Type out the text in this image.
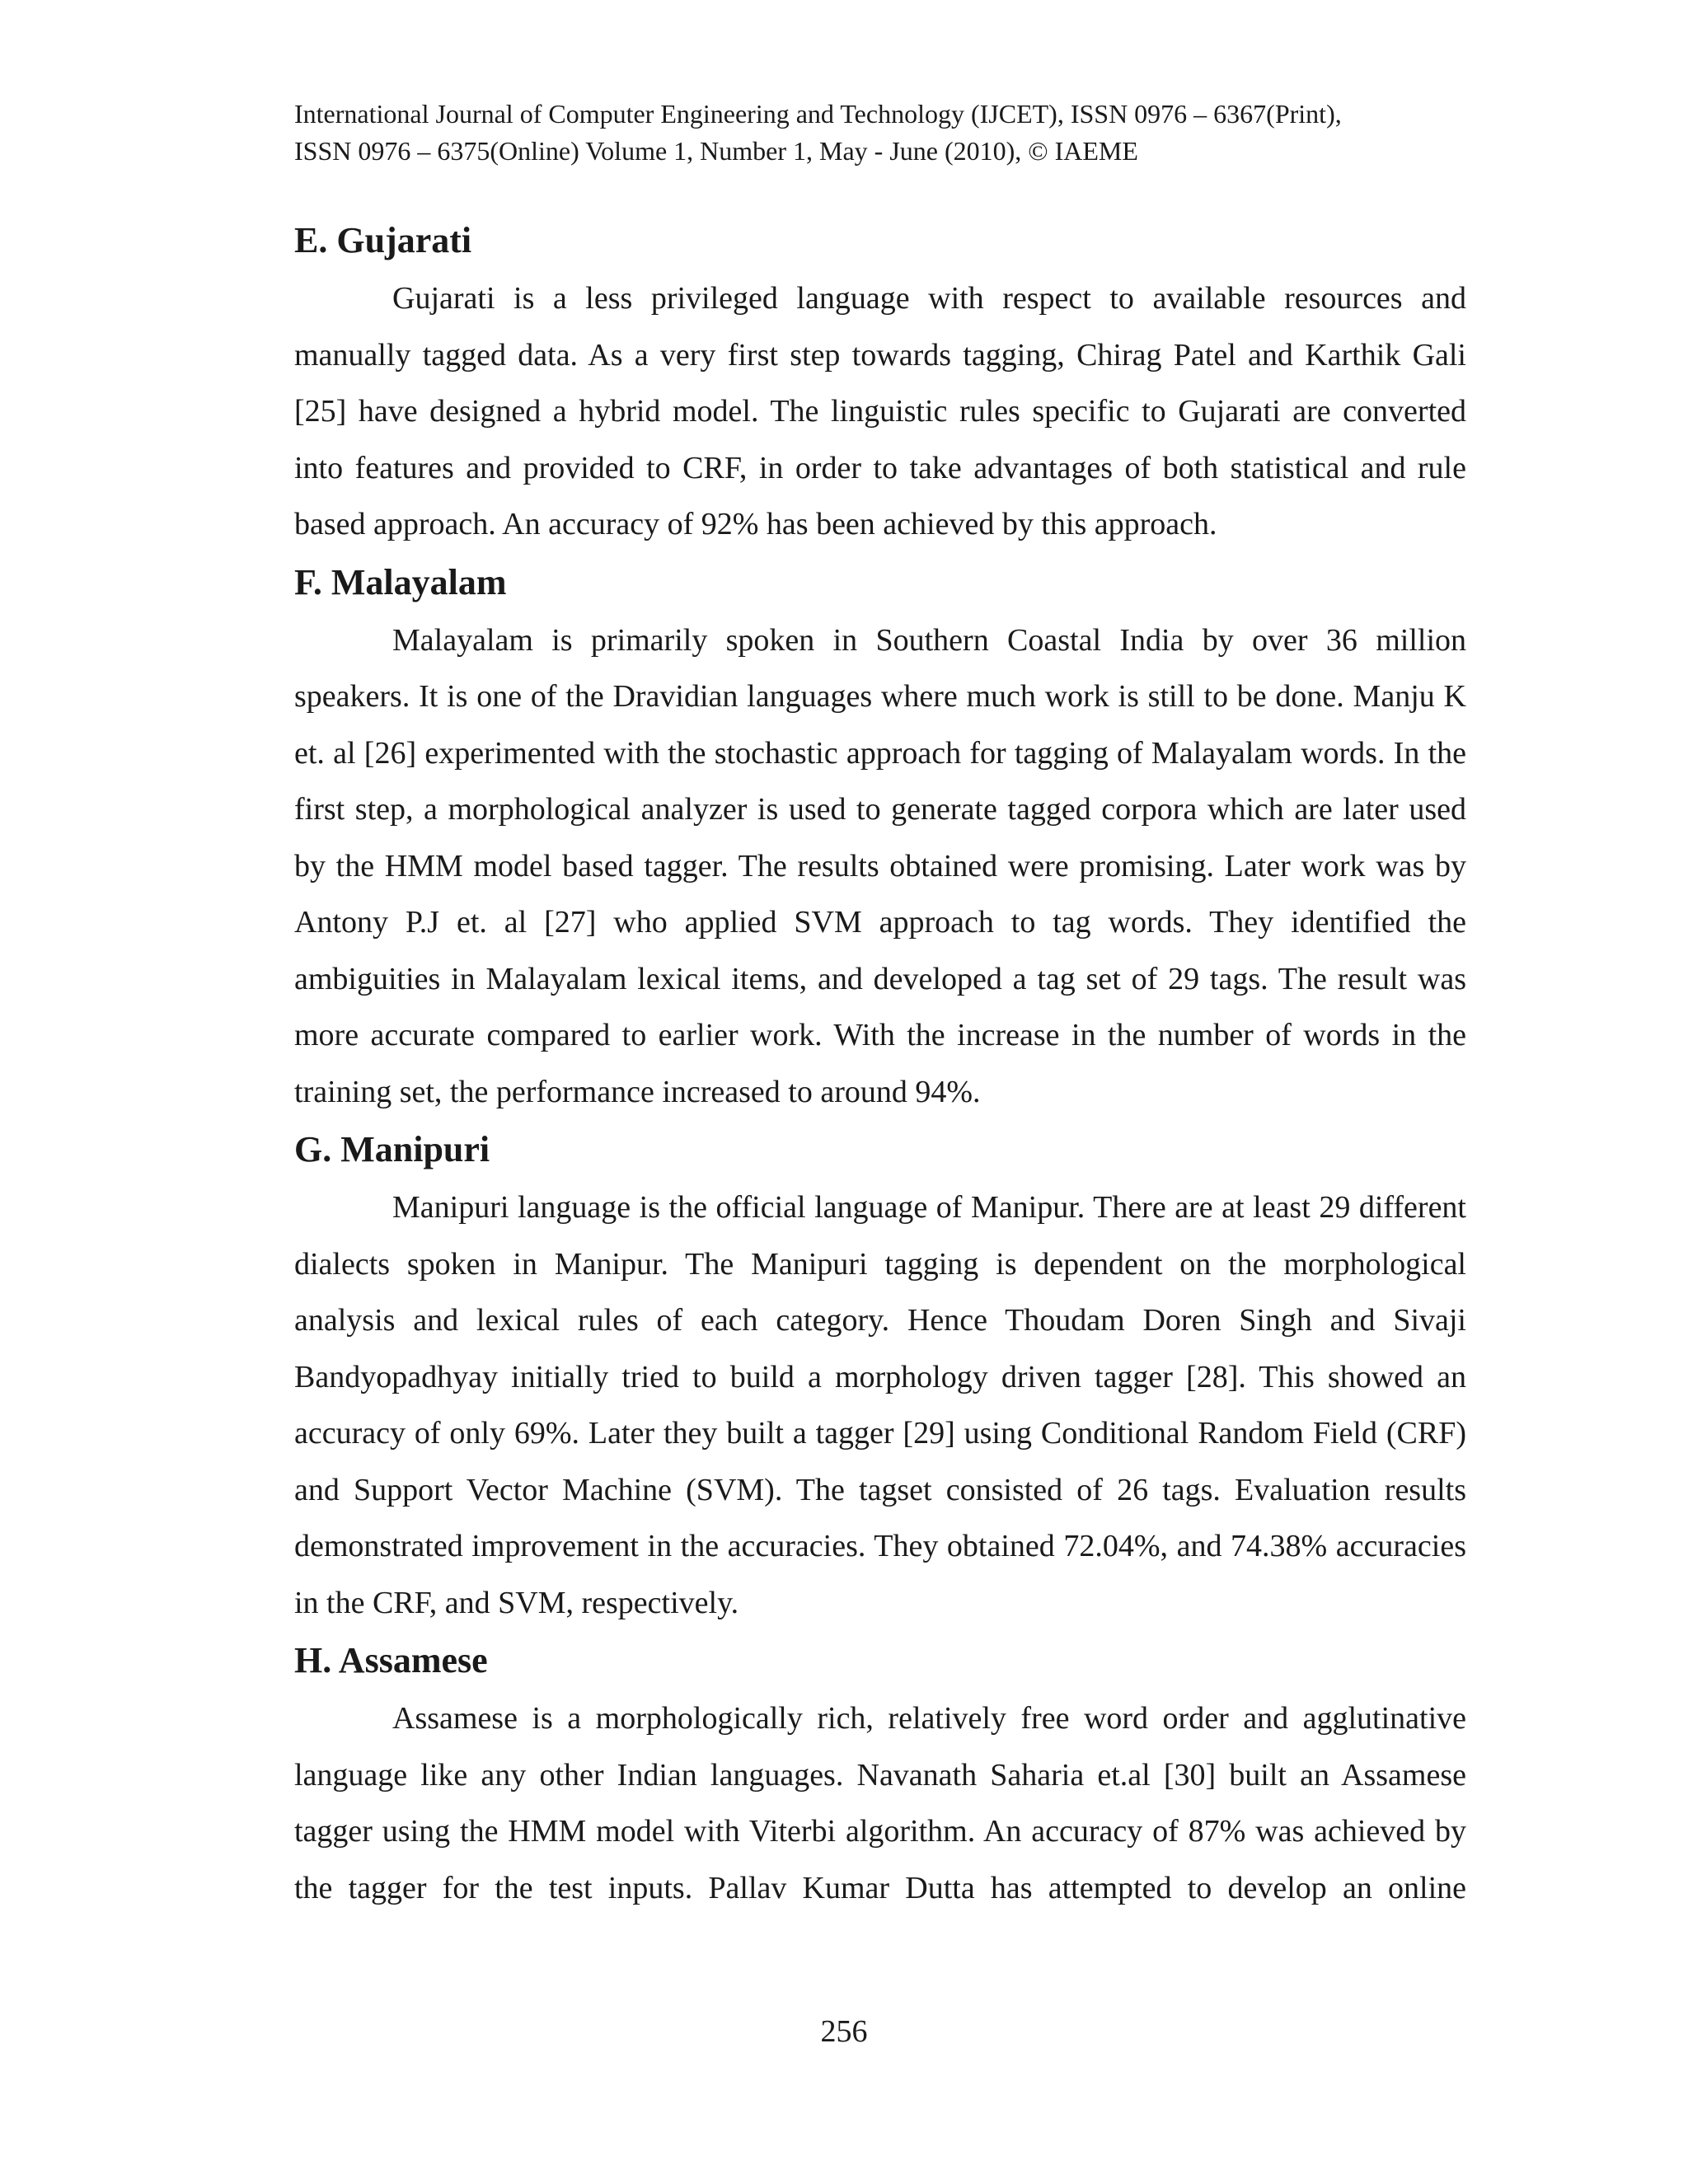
International Journal of Computer Engineering and Technology (IJCET), ISSN 0976 – 6367(Print),
ISSN 0976 – 6375(Online) Volume 1, Number 1, May - June (2010), © IAEME
E. Gujarati

Gujarati is a less privileged language with respect to available resources and manually tagged data. As a very first step towards tagging, Chirag Patel and Karthik Gali [25] have designed a hybrid model. The linguistic rules specific to Gujarati are converted into features and provided to CRF, in order to take advantages of both statistical and rule based approach. An accuracy of 92% has been achieved by this approach.

F. Malayalam

Malayalam is primarily spoken in Southern Coastal India by over 36 million speakers. It is one of the Dravidian languages where much work is still to be done. Manju K et. al [26] experimented with the stochastic approach for tagging of Malayalam words. In the first step, a morphological analyzer is used to generate tagged corpora which are later used by the HMM model based tagger. The results obtained were promising. Later work was by Antony P.J et. al [27] who applied SVM approach to tag words. They identified the ambiguities in Malayalam lexical items, and developed a tag set of 29 tags. The result was more accurate compared to earlier work. With the increase in the number of words in the training set, the performance increased to around 94%.

G. Manipuri

Manipuri language is the official language of Manipur. There are at least 29 different dialects spoken in Manipur. The Manipuri tagging is dependent on the morphological analysis and lexical rules of each category. Hence Thoudam Doren Singh and Sivaji Bandyopadhyay initially tried to build a morphology driven tagger [28]. This showed an accuracy of only 69%. Later they built a tagger [29] using Conditional Random Field (CRF) and Support Vector Machine (SVM). The tagset consisted of 26 tags. Evaluation results demonstrated improvement in the accuracies. They obtained 72.04%, and 74.38% accuracies in the CRF, and SVM, respectively.

H. Assamese

Assamese is a morphologically rich, relatively free word order and agglutinative language like any other Indian languages. Navanath Saharia et.al [30] built an Assamese tagger using the HMM model with Viterbi algorithm. An accuracy of 87% was achieved by the tagger for the test inputs. Pallav Kumar Dutta has attempted to develop an online

256
